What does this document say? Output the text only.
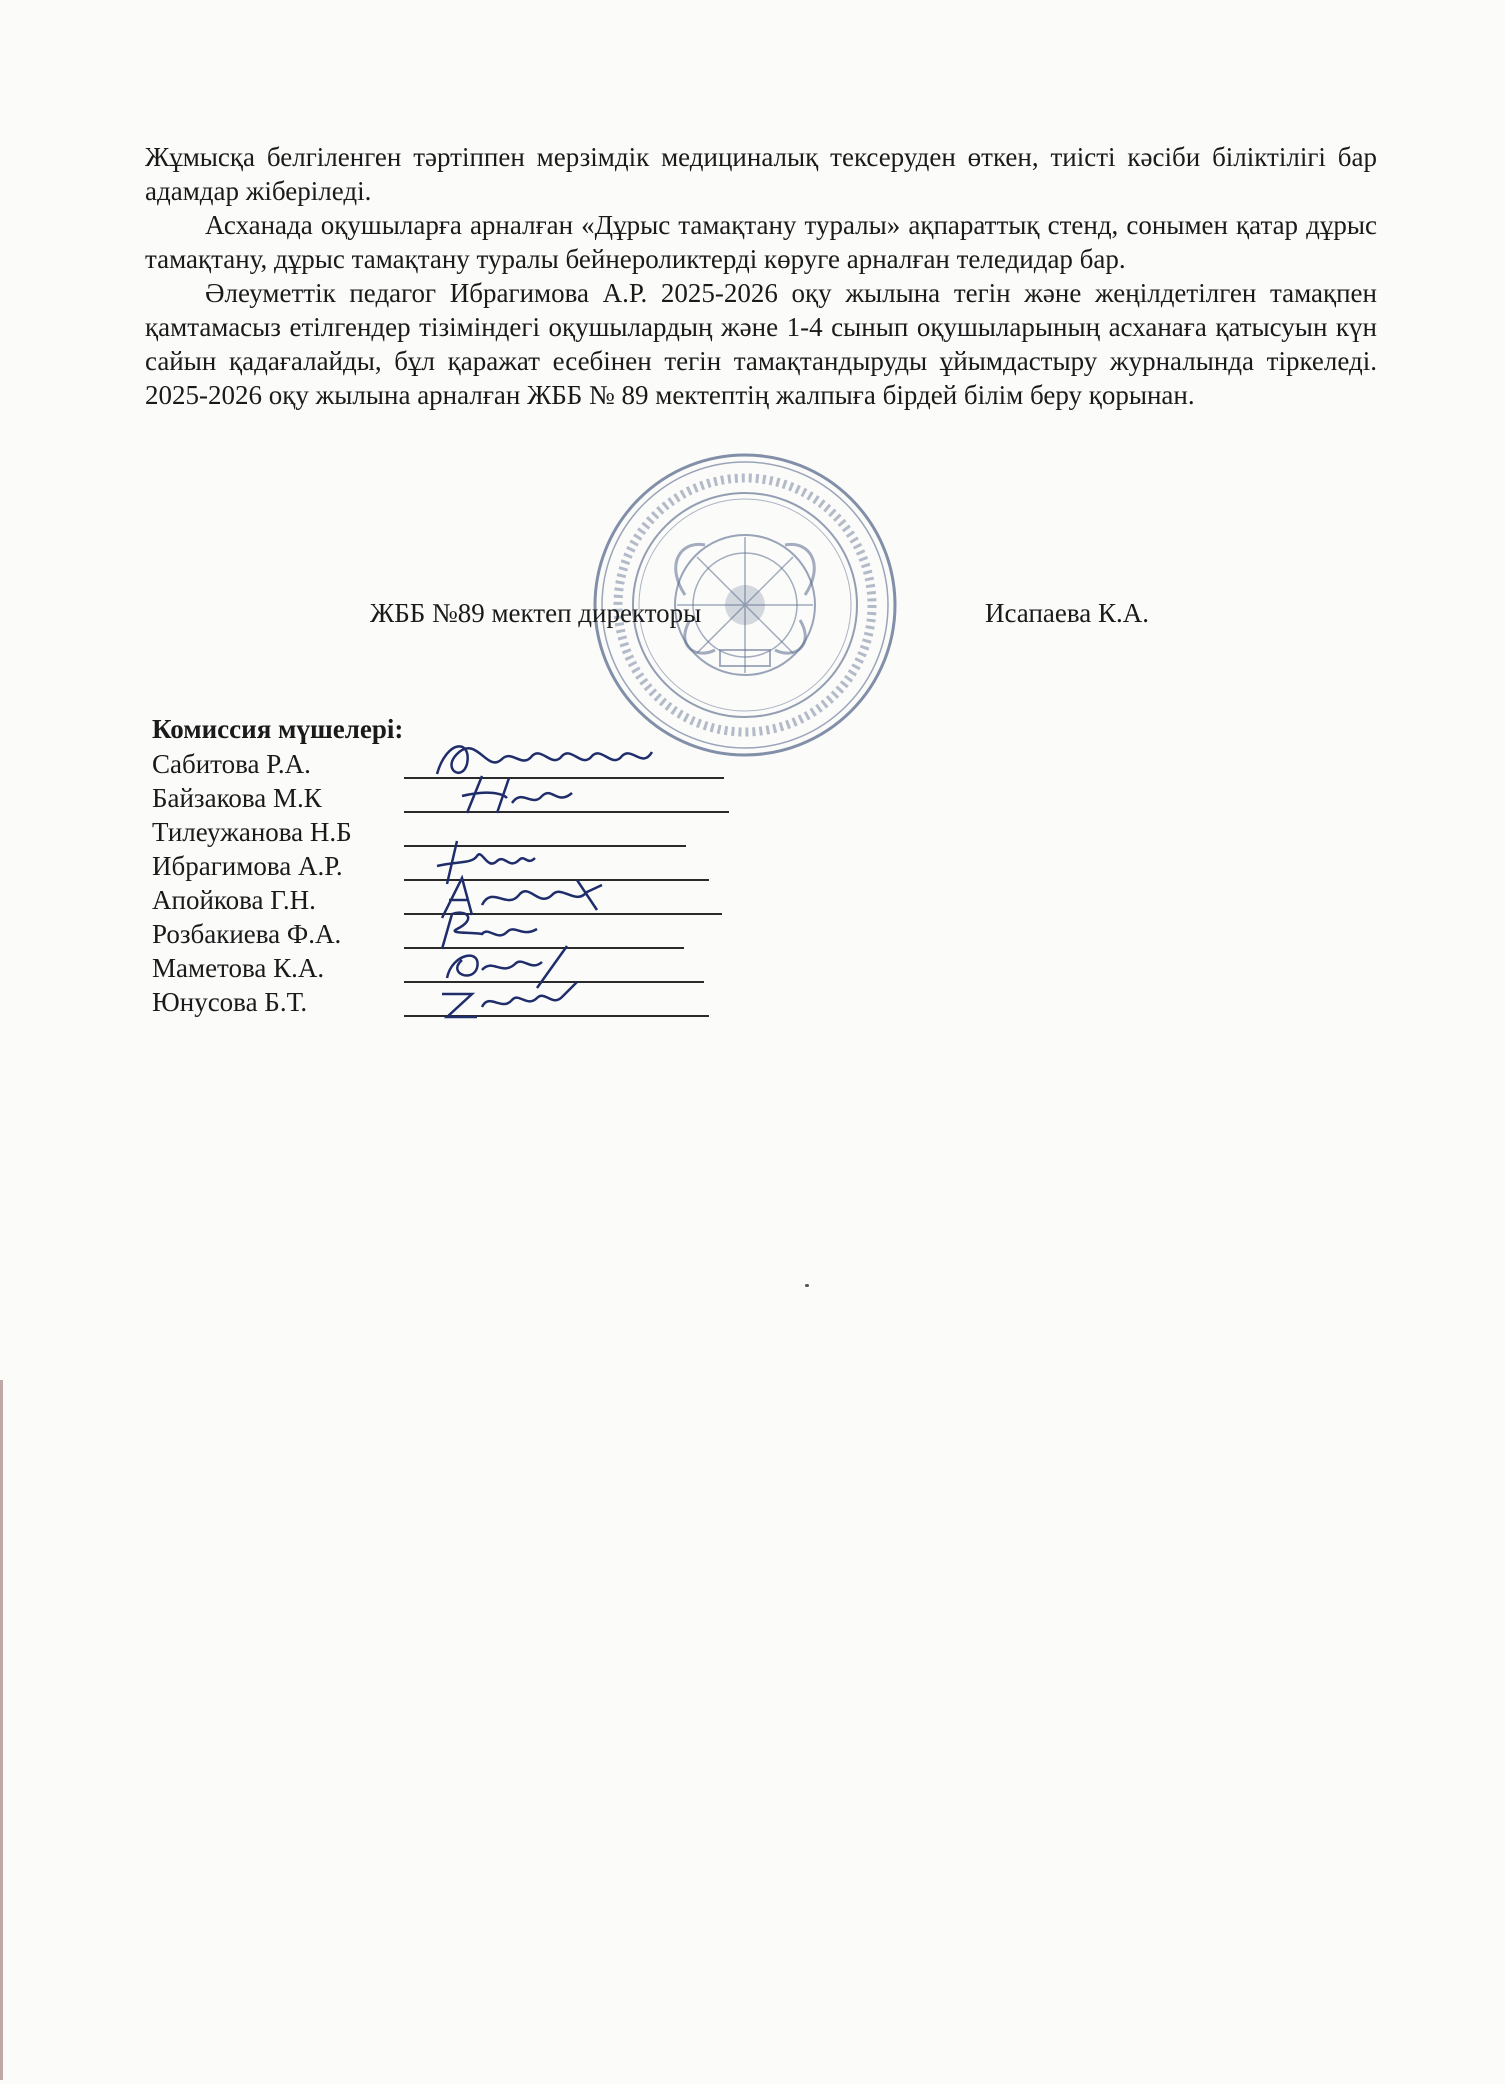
Жұмысқа белгіленген тәртіппен мерзімдік медициналық тексеруден өткен, тиісті кәсіби біліктілігі бар адамдар жіберіледі.

Асханада оқушыларға арналған «Дұрыс тамақтану туралы» ақпараттық стенд, сонымен қатар дұрыс тамақтану, дұрыс тамақтану туралы бейнероликтерді көруге арналған теледидар бар.

Әлеуметтік педагог Ибрагимова А.Р. 2025-2026 оқу жылына тегін және жеңілдетілген тамақпен қамтамасыз етілгендер тізіміндегі оқушылардың және 1-4 сынып оқушыларының асханаға қатысуын күн сайын қадағалайды, бұл қаражат есебінен тегін тамақтандыруды ұйымдастыру журналында тіркеледі. 2025-2026 оқу жылына арналған ЖББ № 89 мектептің жалпыға бірдей білім беру қорынан.

ЖББ №89 мектеп директоры	Исапаева К.А.
Комиссия мүшелері:
Сабитова Р.А.
Байзакова М.К
Тилеужанова Н.Б
Ибрагимова А.Р.
Апойкова Г.Н.
Розбакиева Ф.А.
Маметова К.А.
Юнусова Б.Т.
